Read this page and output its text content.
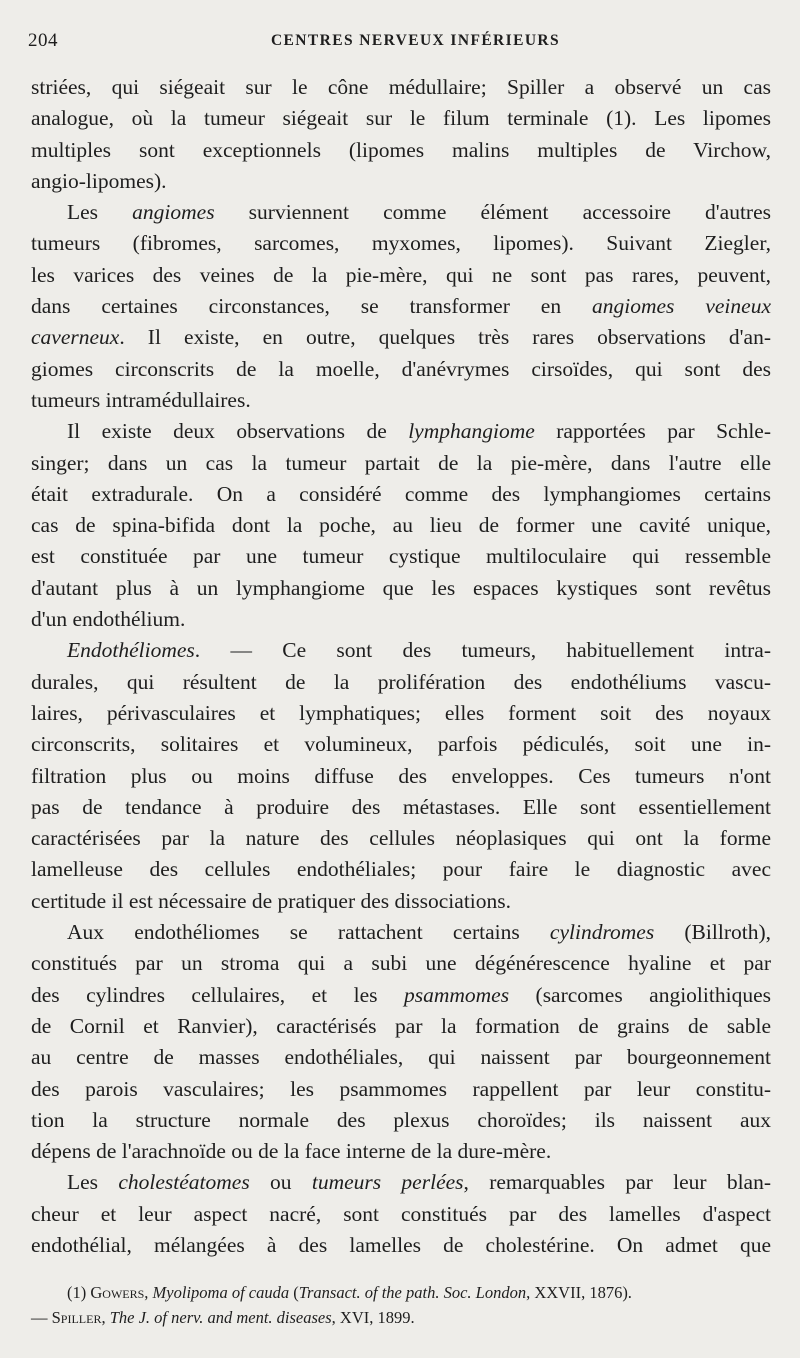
204	CENTRES NERVEUX INFÉRIEURS
striées, qui siégeait sur le cône médullaire; Spiller a observé un cas
analogue, où la tumeur siégeait sur le filum terminale (1). Les lipomes
multiples sont exceptionnels (lipomes malins multiples de Virchow,
angio-lipomes).
Les angiomes surviennent comme élément accessoire d'autres
tumeurs (fibromes, sarcomes, myxomes, lipomes). Suivant Ziegler,
les varices des veines de la pie-mère, qui ne sont pas rares, peuvent,
dans certaines circonstances, se transformer en angiomes veineux
caverneux. Il existe, en outre, quelques très rares observations d'an-
giomes circonscrits de la moelle, d'anévrymes cirsoïdes, qui sont des
tumeurs intramédullaires.
Il existe deux observations de lymphangiome rapportées par Schle-
singer; dans un cas la tumeur partait de la pie-mère, dans l'autre elle
était extradurale. On a considéré comme des lymphangiomes certains
cas de spina-bifida dont la poche, au lieu de former une cavité unique,
est constituée par une tumeur cystique multiloculaire qui ressemble
d'autant plus à un lymphangiome que les espaces kystiques sont revêtus
d'un endothélium.
Endothéliomes. — Ce sont des tumeurs, habituellement intra-
durales, qui résultent de la prolifération des endothéliums vascu-
laires, périvasculaires et lymphatiques; elles forment soit des noyaux
circonscrits, solitaires et volumineux, parfois pédiculés, soit une in-
filtration plus ou moins diffuse des enveloppes. Ces tumeurs n'ont
pas de tendance à produire des métastases. Elle sont essentiellement
caractérisées par la nature des cellules néoplasiques qui ont la forme
lamelleuse des cellules endothéliales; pour faire le diagnostic avec
certitude il est nécessaire de pratiquer des dissociations.
Aux endothéliomes se rattachent certains cylindromes (Billroth),
constitués par un stroma qui a subi une dégénérescence hyaline et par
des cylindres cellulaires, et les psammomes (sarcomes angiolithiques
de Cornil et Ranvier), caractérisés par la formation de grains de sable
au centre de masses endothéliales, qui naissent par bourgeonnement
des parois vasculaires; les psammomes rappellent par leur constitu-
tion la structure normale des plexus choroïdes; ils naissent aux
dépens de l'arachnoïde ou de la face interne de la dure-mère.
Les cholestéatomes ou tumeurs perlées, remarquables par leur blan-
cheur et leur aspect nacré, sont constitués par des lamelles d'aspect
endothélial, mélangées à des lamelles de cholestérine. On admet que
(1) Gowers, Myolipoma of cauda (Transact. of the path. Soc. London, XXVII, 1876).
— Spiller, The J. of nerv. and ment. diseases, XVI, 1899.
